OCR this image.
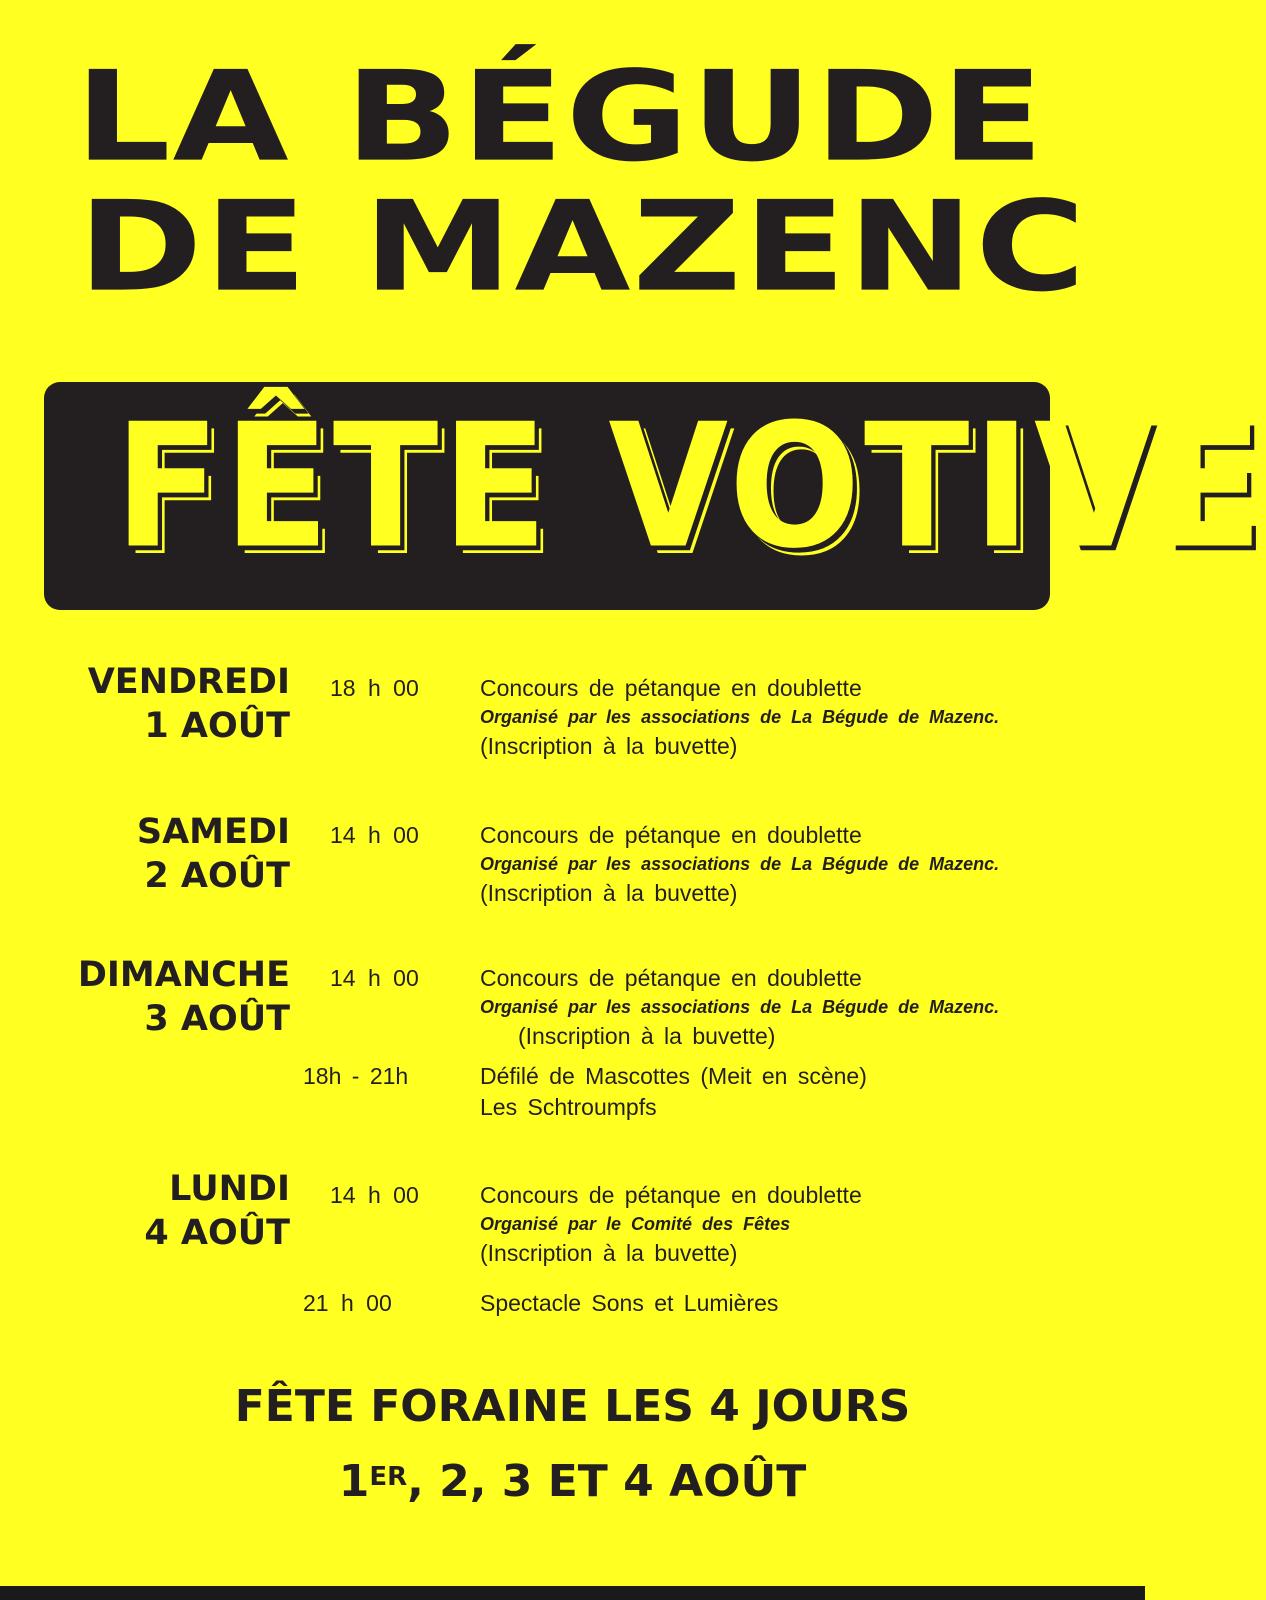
LA BÉGUDE
DE MAZENC
FÊTE VOTIVE
VENDREDI
1 AOÛT
18 h 00	Concours de pétanque en doublette
Organisé par les associations de La Bégude de Mazenc.
(Inscription à la buvette)
SAMEDI
2 AOÛT
14 h 00	Concours de pétanque en doublette
Organisé par les associations de La Bégude de Mazenc.
(Inscription à la buvette)
DIMANCHE
3 AOÛT
14 h 00	Concours de pétanque en doublette
Organisé par les associations de La Bégude de Mazenc.
(Inscription à la buvette)
18h - 21h	Défilé de Mascottes (Meit en scène)
Les Schtroumpfs
LUNDI
4 AOÛT
14 h 00	Concours de pétanque en doublette
Organisé par le Comité des Fêtes
(Inscription à la buvette)
21 h 00	Spectacle Sons et Lumières
FÊTE FORAINE LES 4 JOURS
1ER, 2, 3 ET 4 AOÛT
